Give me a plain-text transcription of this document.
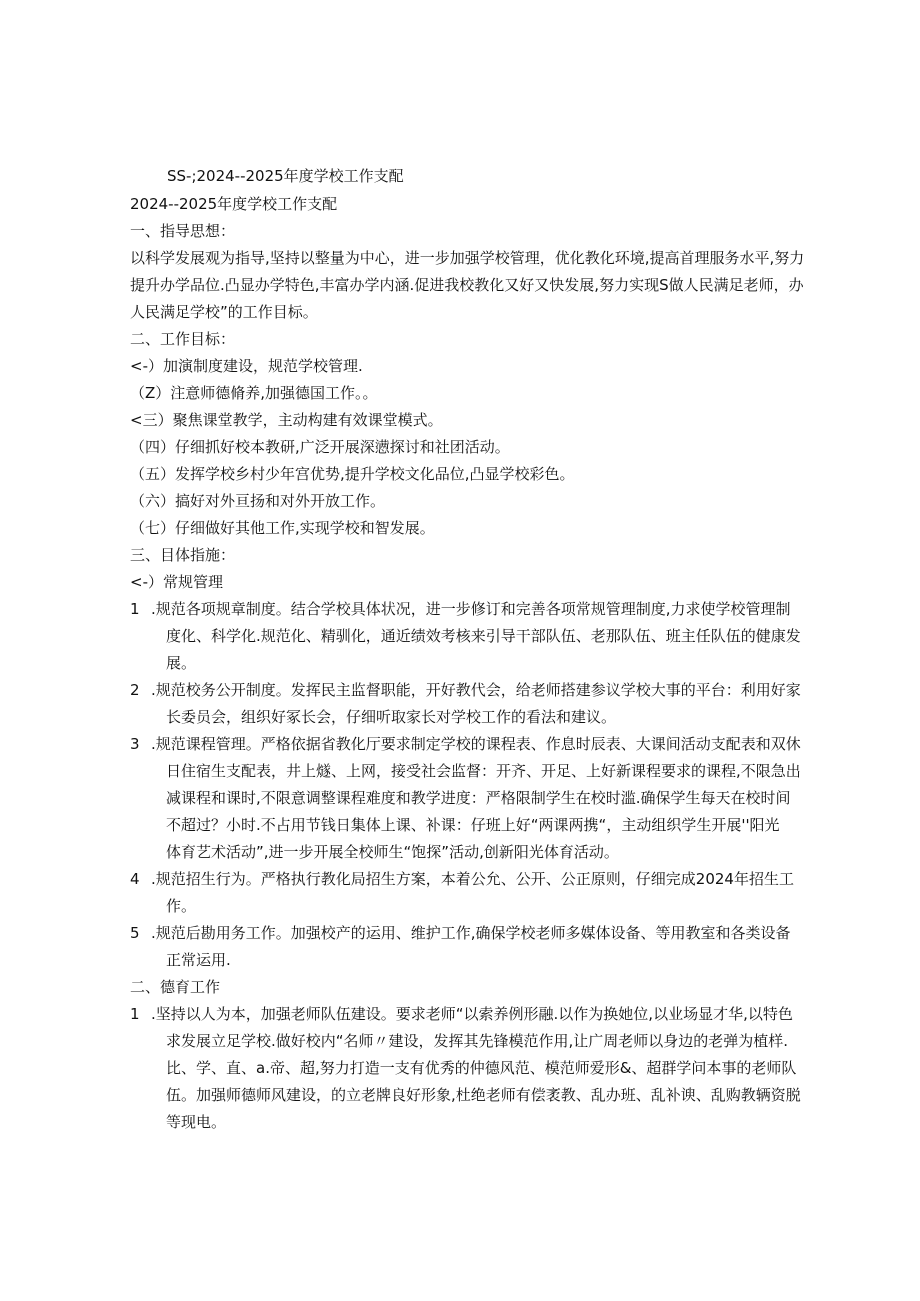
SS-;2024--2025年度学校工作支配
2024--2025年度学校工作支配
一、指导思想：
以科学发展观为指导,坚持以整量为中心，进一步加强学校管理，优化教化环境,提高首理服务水平,努力
提升办学品位.凸显办学特色,丰富办学内涵.促进我校教化又好又快发展,努力实现S做人民满足老师，办
人民满足学校”的工作目标。
二、工作目标：
<-）加演制度建设，规范学校管理.
（Z）注意师德脩养,加强德国工作。。
<三）聚焦课堂教学，主动构建有效课堂模式。
（四）仔细抓好校本教研,广泛开展深懑探讨和社团活动。
（五）发挥学校乡村少年宫优势,提升学校文化品位,凸显学校彩色。
（六）搞好对外亘扬和对外开放工作。
（七）仔细做好其他工作,实现学校和智发展。
三、目体指施：
<-）常规管理
1 .规范各项规章制度。结合学校具体状况，进一步修订和完善各项常规管理制度,力求使学校管理制
度化、科学化.规范化、精驯化，通近绩效考核来引导干部队伍、老那队伍、班主任队伍的健康发
展。
2 .规范校务公开制度。发挥民主监督职能，开好教代会，给老师搭建参议学校大事的平台：利用好家
长委员会，组织好冢长会，仔细听取家长对学校工作的看法和建议。
3 .规范课程管理。严格依据省教化厅要求制定学校的课程表、作息时辰表、大课间活动支配表和双休
日住宿生支配表，井上燧、上网，接受社会监督：开齐、开足、上好新课程要求的课程,不限急出
减课程和课时,不限意调整课程难度和教学进度：严格限制学生在校时滥.确保学生每天在校时间
不超过？小时.不占用节钱日集体上课、补课：仔班上好“两课两携“，主动组织学生开展''阳光
体育艺术活动”,进一步开展全校师生“饱探”活动,创新阳光体育活动。
4 .规范招生行为。严格执行教化局招生方案，本着公允、公开、公正原则，仔细完成2024年招生工
作。
5 .规范后勘用务工作。加强校产的运用、维护工作,确保学校老师多媒体设备、等用教室和各类设备
正常运用.
二、德育工作
1 .坚持以人为本，加强老师队伍建设。要求老师“以索养例形融.以作为换她位,以业场显才华,以特色
求发展立足学校.做好校内“名师〃建设，发挥其先锋模范作用,让广周老师以身边的老弹为植样.
比、学、直、a.帝、超,努力打造一支有优秀的仲德风范、模范师爱形&、超群学问本事的老师队
伍。加强师德师风建设，的立老牌良好形象,杜绝老师有偿袤教、乱办班、乱补谀、乱购教辆资脱
等现电。
